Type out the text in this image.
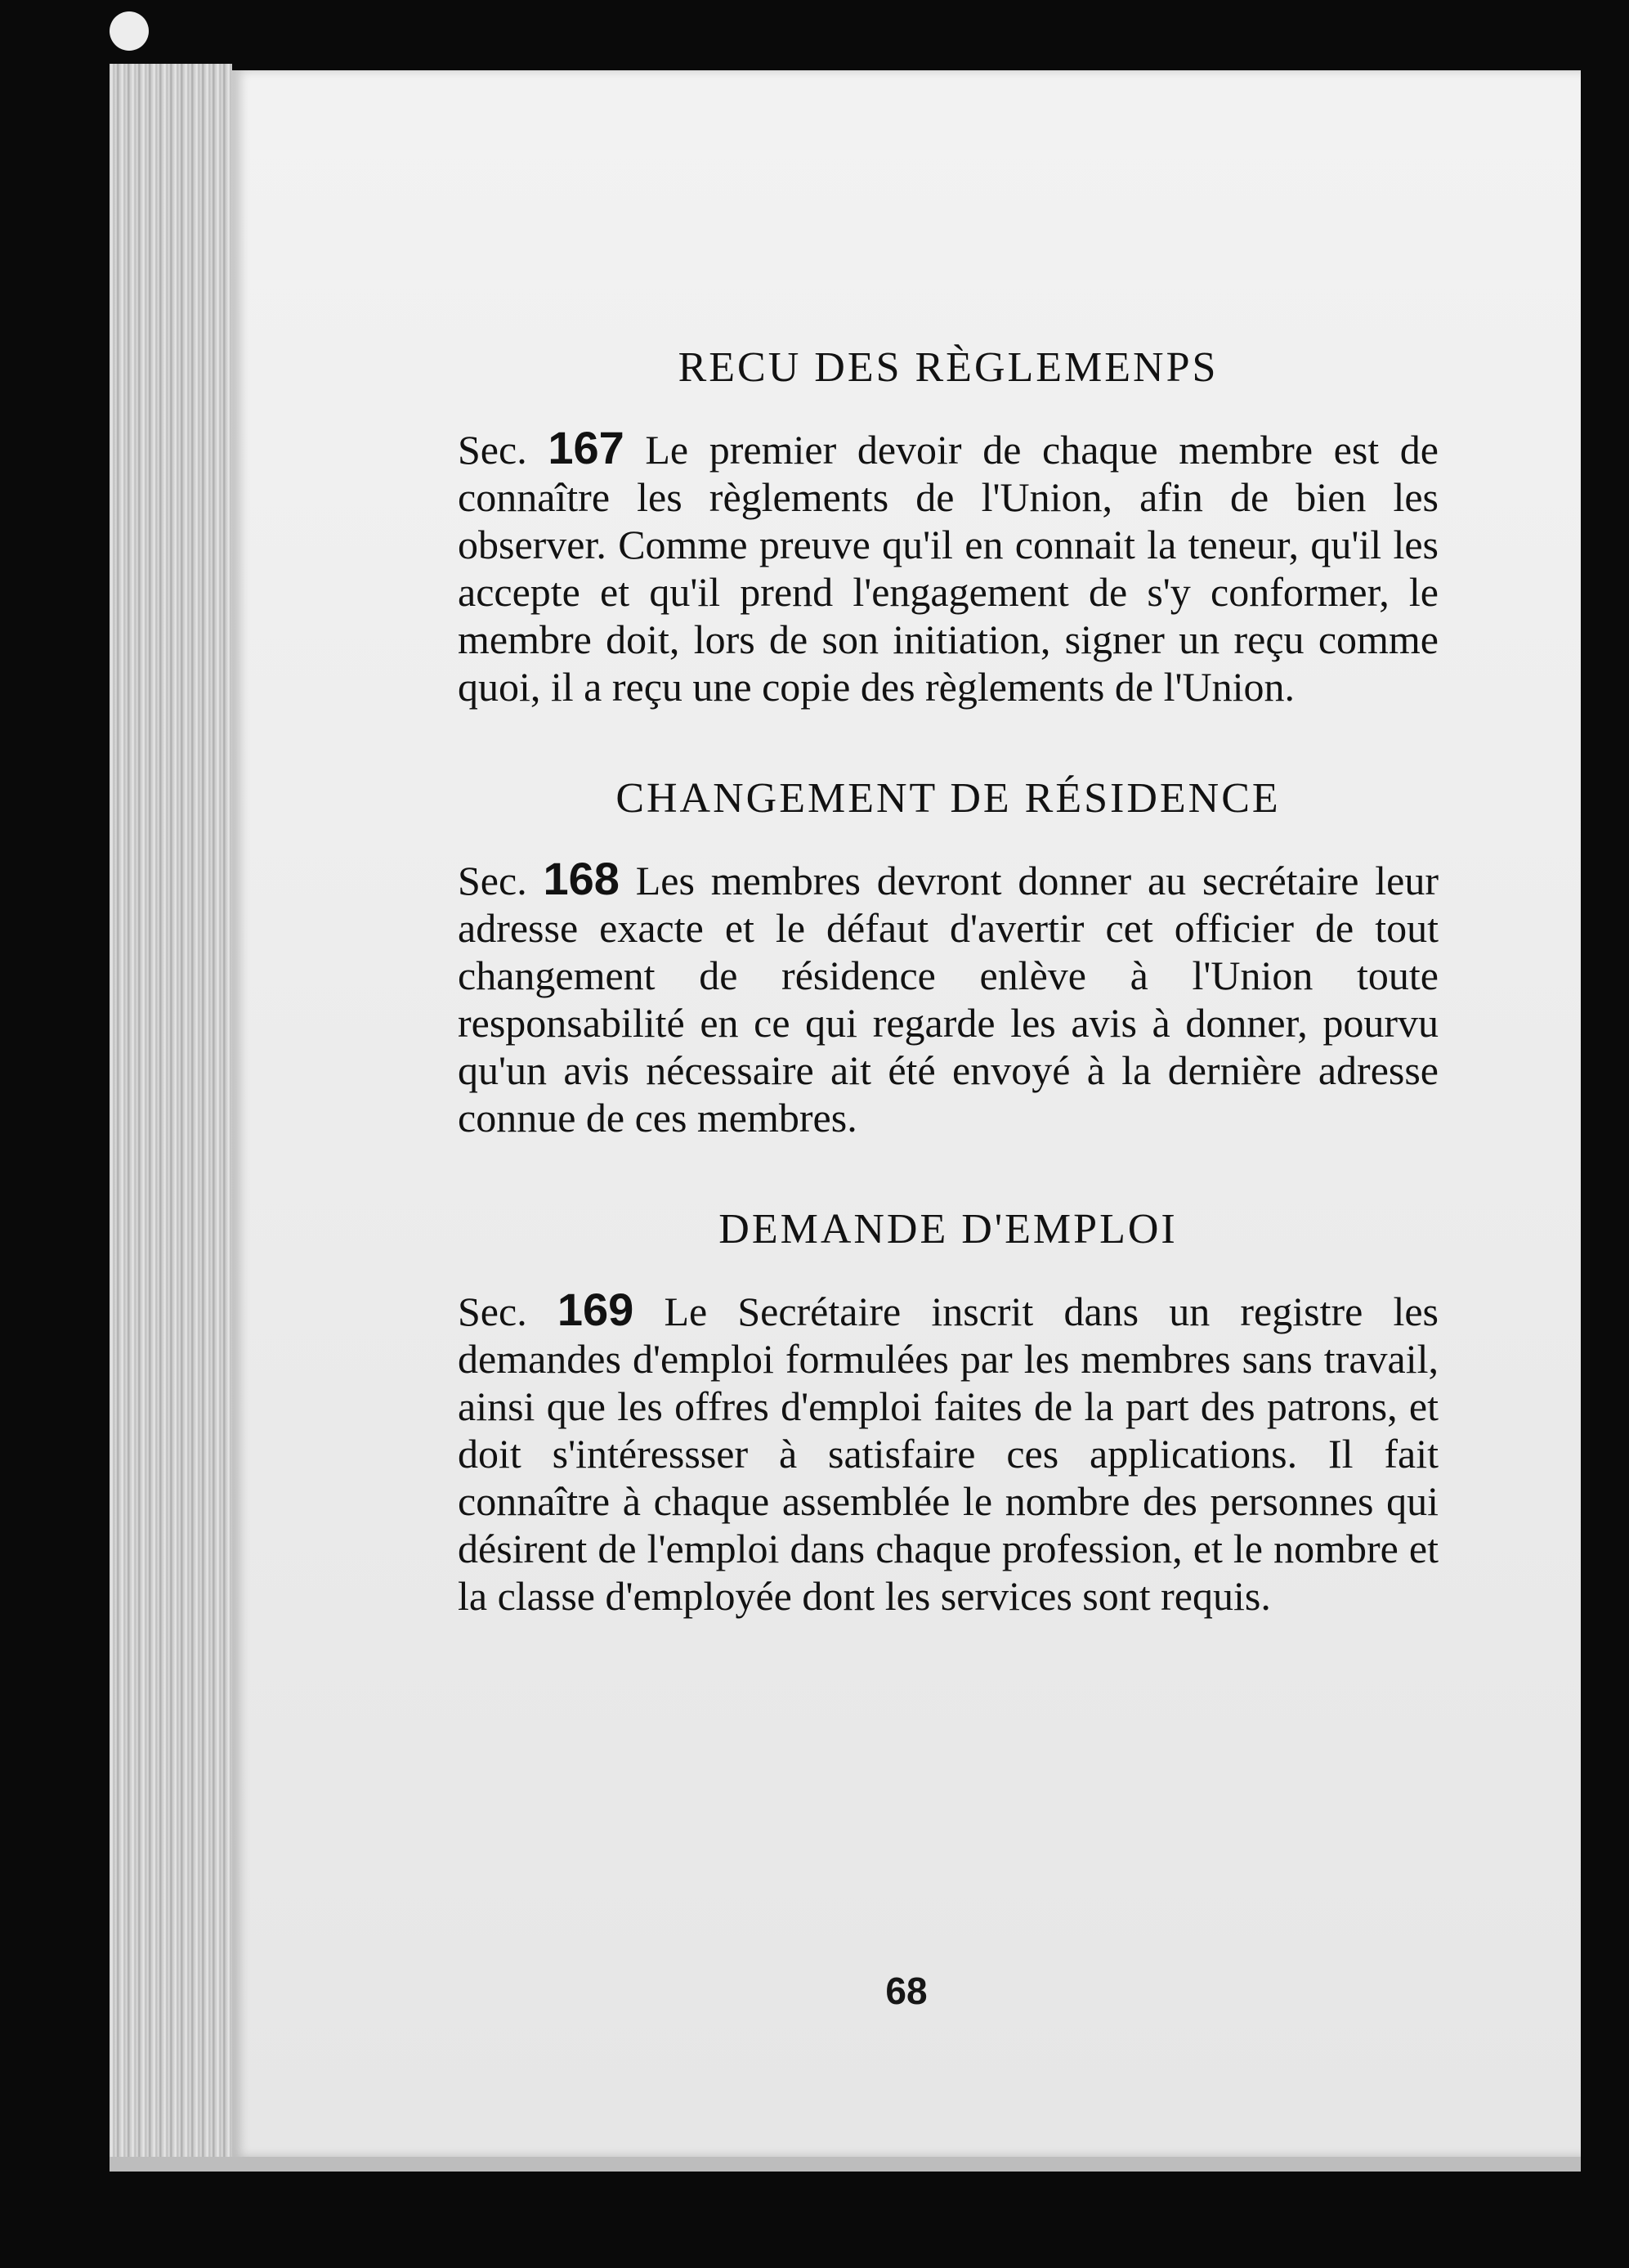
RECU DES RÈGLEMENPS

Sec. 167 Le premier devoir de chaque membre est de connaître les règlements de l'Union, afin de bien les observer. Comme preuve qu'il en connait la teneur, qu'il les accepte et qu'il prend l'engagement de s'y conformer, le membre doit, lors de son initiation, signer un reçu comme quoi, il a reçu une copie des règlements de l'Union.

CHANGEMENT DE RÉSIDENCE

Sec. 168 Les membres devront donner au secrétaire leur adresse exacte et le défaut d'avertir cet officier de tout changement de résidence enlève à l'Union toute responsabilité en ce qui regarde les avis à donner, pourvu qu'un avis nécessaire ait été envoyé à la dernière adresse connue de ces membres.

DEMANDE D'EMPLOI

Sec. 169 Le Secrétaire inscrit dans un registre les demandes d'emploi formulées par les membres sans travail, ainsi que les offres d'emploi faites de la part des patrons, et doit s'intéressser à satisfaire ces applications. Il fait connaître à chaque assemblée le nombre des personnes qui désirent de l'emploi dans chaque profession, et le nombre et la classe d'employée dont les services sont requis.

68
